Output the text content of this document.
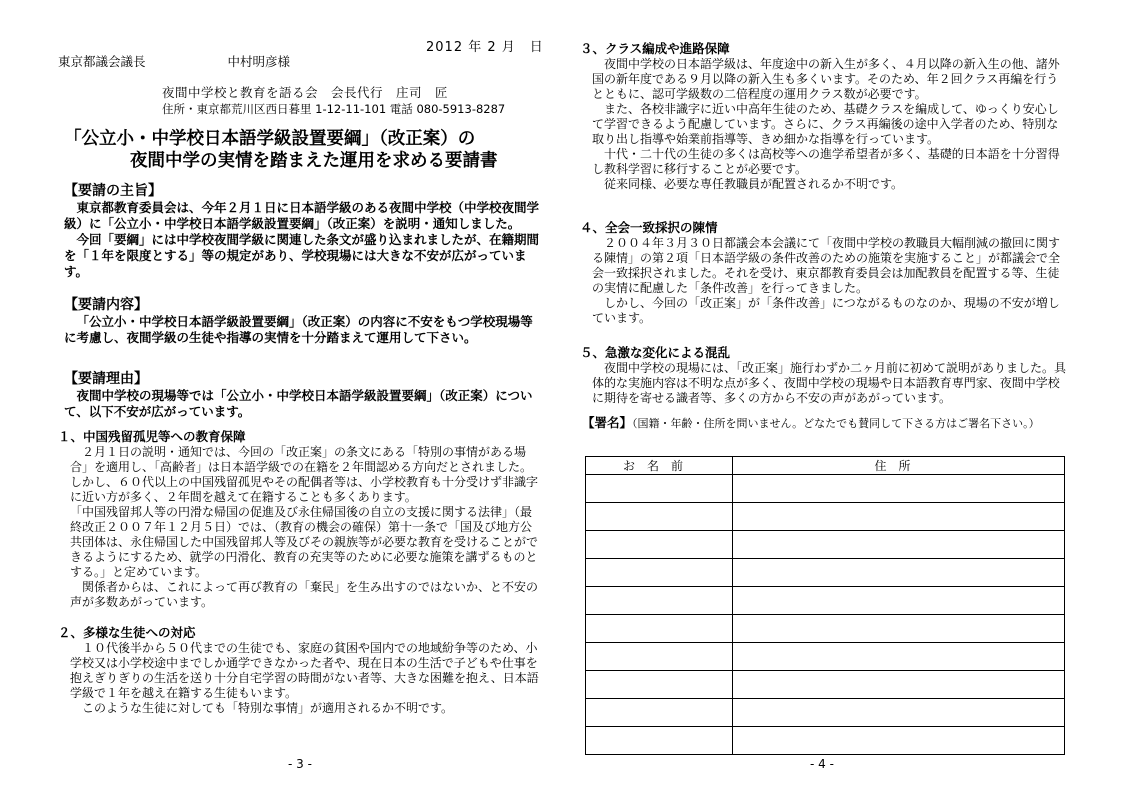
2012 年 2 月　日
東京都議会議長	中村明彦様
夜間中学校と教育を語る会　会長代行　庄司　匠
住所・東京都荒川区西日暮里 1-12-11-101 電話 080-5913-8287
「公立小・中学校日本語学級設置要綱」（改正案）の
夜間中学の実情を踏まえた運用を求める要請書
【要請の主旨】

東京都教育委員会は、今年２月１日に日本語学級のある夜間中学校（中学校夜間学級）に「公立小・中学校日本語学級設置要綱」（改正案）を説明・通知しました。

今回「要綱」には中学校夜間学級に関連した条文が盛り込まれましたが、在籍期間を「１年を限度とする」等の規定があり、学校現場には大きな不安が広がっています。

【要請内容】

「公立小・中学校日本語学級設置要綱」（改正案）の内容に不安をもつ学校現場等に考慮し、夜間学級の生徒や指導の実情を十分踏まえて運用して下さい。

【要請理由】

夜間中学校の現場等では「公立小・中学校日本語学級設置要綱」（改正案）について、以下不安が広がっています。

１、中国残留孤児等への教育保障

２月１日の説明・通知では、今回の「改正案」の条文にある「特別の事情がある場合」を適用し、「高齢者」は日本語学級での在籍を２年間認める方向だとされました。しかし、６０代以上の中国残留孤児やその配偶者等は、小学校教育も十分受けず非識字に近い方が多く、２年間を越えて在籍することも多くあります。

「中国残留邦人等の円滑な帰国の促進及び永住帰国後の自立の支援に関する法律」（最終改正２００７年１２月５日）では、（教育の機会の確保）第十一条で「国及び地方公共団体は、永住帰国した中国残留邦人等及びその親族等が必要な教育を受けることができるようにするため、就学の円滑化、教育の充実等のために必要な施策を講ずるものとする。」と定めています。

関係者からは、これによって再び教育の「棄民」を生み出すのではないか、と不安の声が多数あがっています。

２、多様な生徒への対応

１０代後半から５０代までの生徒でも、家庭の貧困や国内での地域紛争等のため、小学校又は小学校途中までしか通学できなかった者や、現在日本の生活で子どもや仕事を抱えぎりぎりの生活を送り十分自宅学習の時間がない者等、大きな困難を抱え、日本語学級で１年を越え在籍する生徒もいます。

このような生徒に対しても「特別な事情」が適用されるか不明です。

- 3 -
３、クラス編成や進路保障

夜間中学校の日本語学級は、年度途中の新入生が多く、４月以降の新入生の他、諸外国の新年度である９月以降の新入生も多くいます。そのため、年２回クラス再編を行うとともに、認可学級数の二倍程度の運用クラス数が必要です。

また、各校非識字に近い中高年生徒のため、基礎クラスを編成して、ゆっくり安心して学習できるよう配慮しています。さらに、クラス再編後の途中入学者のため、特別な取り出し指導や始業前指導等、きめ細かな指導を行っています。

十代・二十代の生徒の多くは高校等への進学希望者が多く、基礎的日本語を十分習得し教科学習に移行することが必要です。

従来同様、必要な専任教職員が配置されるか不明です。

４、全会一致採択の陳情

２００４年３月３０日都議会本会議にて「夜間中学校の教職員大幅削減の撤回に関する陳情」の第２項「日本語学級の条件改善のための施策を実施すること」が都議会で全会一致採択されました。それを受け、東京都教育委員会は加配教員を配置する等、生徒の実情に配慮した「条件改善」を行ってきました。

しかし、今回の「改正案」が「条件改善」につながるものなのか、現場の不安が増しています。

５、急激な変化による混乱

夜間中学校の現場には、「改正案」施行わずか二ヶ月前に初めて説明がありました。具体的な実施内容は不明な点が多く、夜間中学校の現場や日本語教育専門家、夜間中学校に期待を寄せる識者等、多くの方から不安の声があがっています。

【署名】（国籍・年齢・住所を問いません。どなたでも賛同して下さる方はご署名下さい。）

お名前	住所

- 4 -
